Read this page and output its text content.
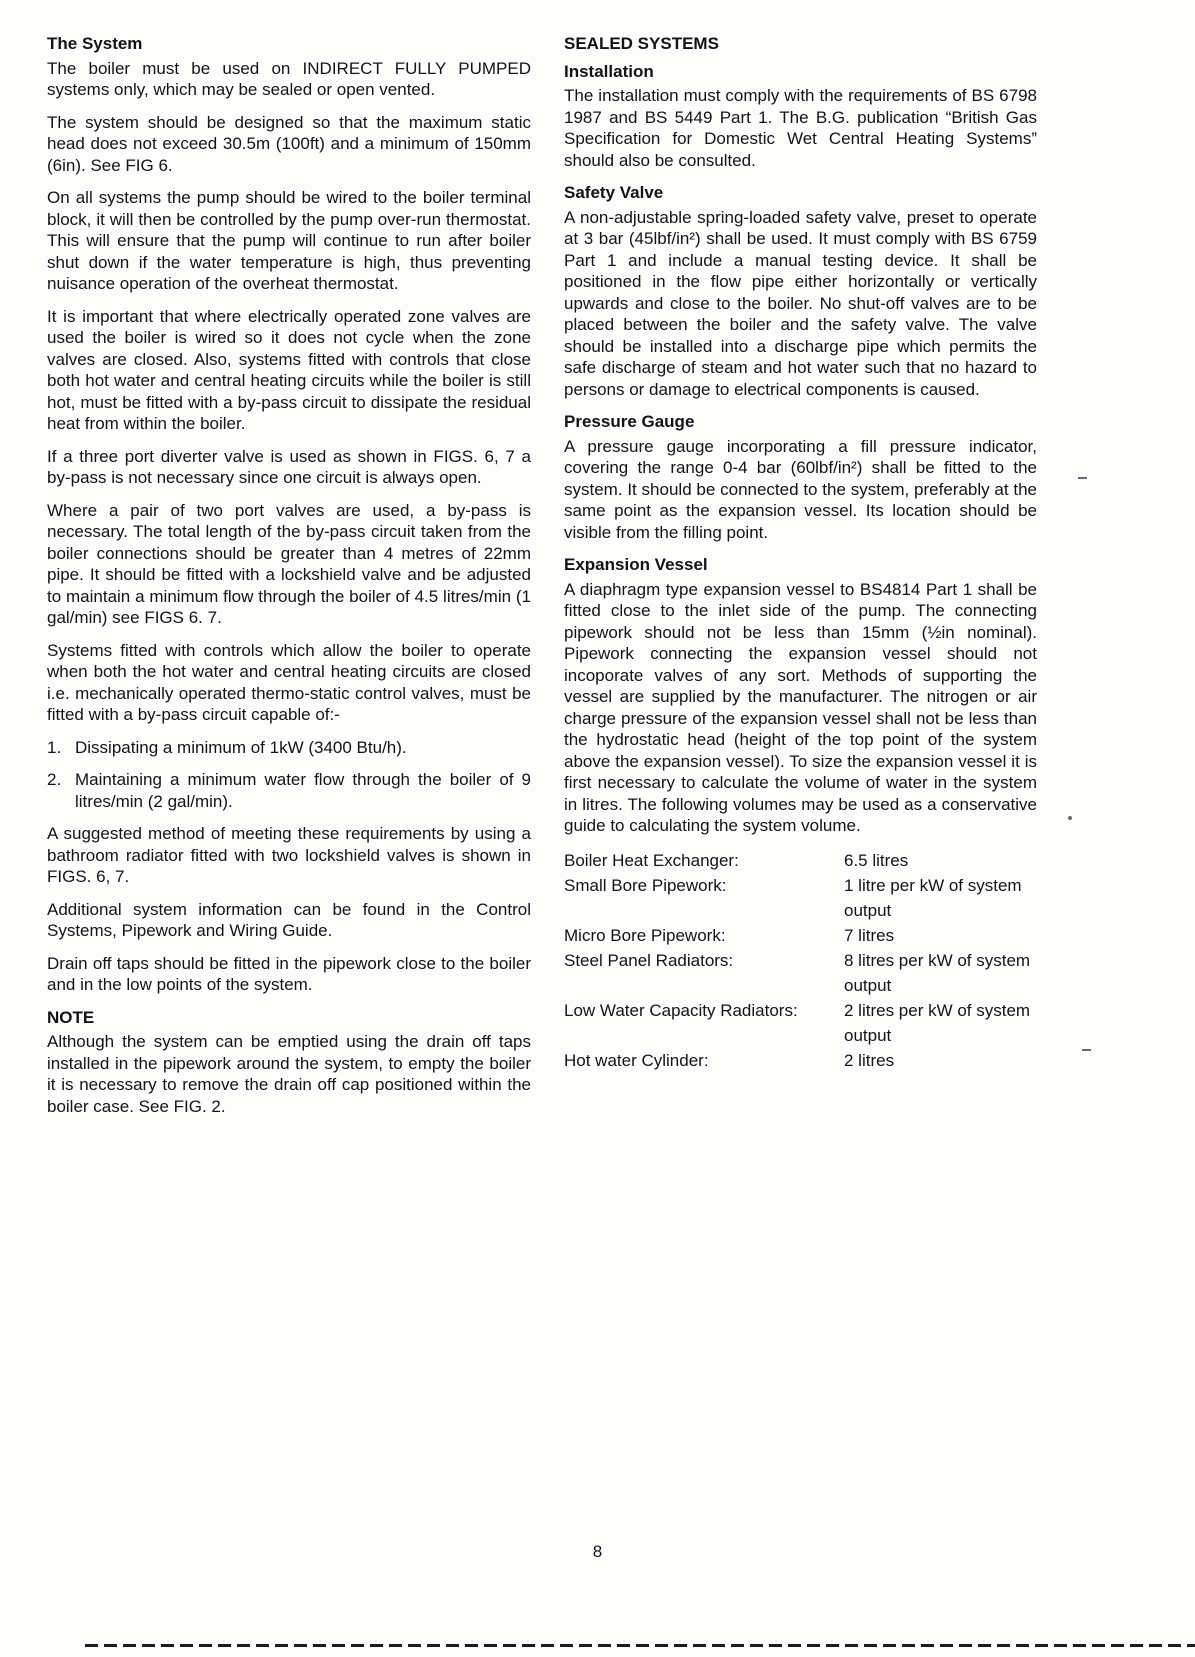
The System

The boiler must be used on INDIRECT FULLY PUMPED systems only, which may be sealed or open vented.

The system should be designed so that the maximum static head does not exceed 30.5m (100ft) and a minimum of 150mm (6in). See FIG 6.

On all systems the pump should be wired to the boiler terminal block, it will then be controlled by the pump over-run thermostat. This will ensure that the pump will continue to run after boiler shut down if the water temperature is high, thus preventing nuisance operation of the overheat thermostat.

It is important that where electrically operated zone valves are used the boiler is wired so it does not cycle when the zone valves are closed. Also, systems fitted with controls that close both hot water and central heating circuits while the boiler is still hot, must be fitted with a by-pass circuit to dissipate the residual heat from within the boiler.

If a three port diverter valve is used as shown in FIGS. 6, 7 a by-pass is not necessary since one circuit is always open.

Where a pair of two port valves are used, a by-pass is necessary. The total length of the by-pass circuit taken from the boiler connections should be greater than 4 metres of 22mm pipe. It should be fitted with a lockshield valve and be adjusted to maintain a minimum flow through the boiler of 4.5 litres/min (1 gal/min) see FIGS 6. 7.

Systems fitted with controls which allow the boiler to operate when both the hot water and central heating circuits are closed i.e. mechanically operated thermo-static control valves, must be fitted with a by-pass circuit capable of:-

1. Dissipating a minimum of 1kW (3400 Btu/h).
2. Maintaining a minimum water flow through the boiler of 9 litres/min (2 gal/min).

A suggested method of meeting these requirements by using a bathroom radiator fitted with two lockshield valves is shown in FIGS. 6, 7.

Additional system information can be found in the Control Systems, Pipework and Wiring Guide.

Drain off taps should be fitted in the pipework close to the boiler and in the low points of the system.

NOTE

Although the system can be emptied using the drain off taps installed in the pipework around the system, to empty the boiler it is necessary to remove the drain off cap positioned within the boiler case. See FIG. 2.

SEALED SYSTEMS
Installation

The installation must comply with the requirements of BS 6798 1987 and BS 5449 Part 1. The B.G. publication “British Gas Specification for Domestic Wet Central Heating Systems” should also be consulted.

Safety Valve

A non-adjustable spring-loaded safety valve, preset to operate at 3 bar (45lbf/in²) shall be used. It must comply with BS 6759 Part 1 and include a manual testing device. It shall be positioned in the flow pipe either horizontally or vertically upwards and close to the boiler. No shut-off valves are to be placed between the boiler and the safety valve. The valve should be installed into a discharge pipe which permits the safe discharge of steam and hot water such that no hazard to persons or damage to electrical components is caused.

Pressure Gauge

A pressure gauge incorporating a fill pressure indicator, covering the range 0-4 bar (60lbf/in²) shall be fitted to the system. It should be connected to the system, preferably at the same point as the expansion vessel. Its location should be visible from the filling point.

Expansion Vessel

A diaphragm type expansion vessel to BS4814 Part 1 shall be fitted close to the inlet side of the pump. The connecting pipework should not be less than 15mm (½in nominal). Pipework connecting the expansion vessel should not incoporate valves of any sort. Methods of supporting the vessel are supplied by the manufacturer. The nitrogen or air charge pressure of the expansion vessel shall not be less than the hydrostatic head (height of the top point of the system above the expansion vessel). To size the expansion vessel it is first necessary to calculate the volume of water in the system in litres. The following volumes may be used as a conservative guide to calculating the system volume.

Boiler Heat Exchanger:	6.5 litres
Small Bore Pipework:	1 litre per kW of system output
Micro Bore Pipework:	7 litres
Steel Panel Radiators:	8 litres per kW of system output
Low Water Capacity Radiators:	2 litres per kW of system output
Hot water Cylinder:	2 litres
8
